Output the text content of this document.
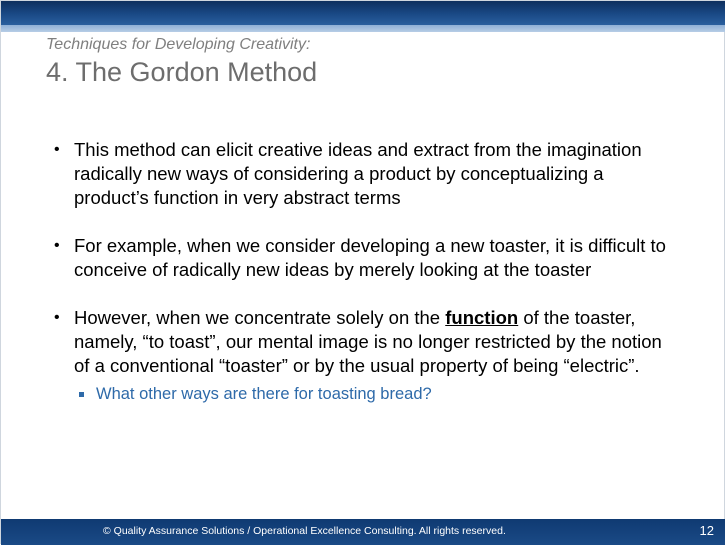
Techniques for Developing Creativity:
4. The Gordon Method
• This method can elicit creative ideas and extract from the imagination radically new ways of considering a product by conceptualizing a product’s function in very abstract terms
• For example, when we consider developing a new toaster, it is difficult to conceive of radically new ideas by merely looking at the toaster
• However, when we concentrate solely on the function of the toaster, namely, “to toast”, our mental image is no longer restricted by the notion of a conventional “toaster” or by the usual property of being “electric”.
What other ways are there for toasting bread?
© Quality Assurance Solutions / Operational Excellence Consulting. All rights reserved.	12
